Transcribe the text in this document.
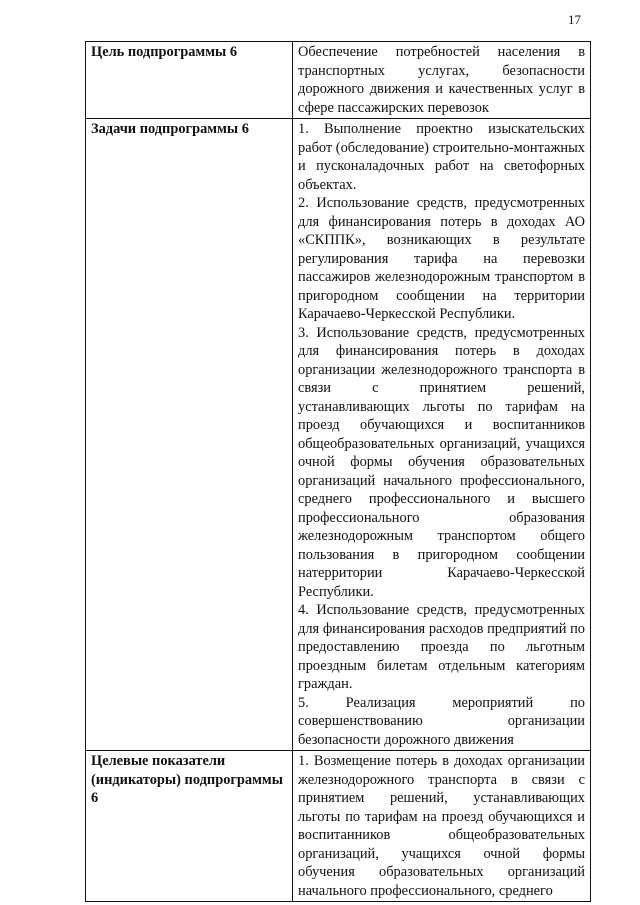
17
Цель подпрограммы 6	Обеспечение потребностей населения в транспортных услугах, безопасности дорожного движения и качественных услуг в сфере пассажирских перевозок

Задачи подпрограммы 6	1. Выполнение проектно изыскательских работ (обследование) строительно-монтажных и пусконаладочных работ на светофорных объектах.

2. Использование средств, предусмотренных для финансирования потерь в доходах АО «СКППК», возникающих в результате регулирования тарифа на перевозки пассажиров железнодорожным транспортом в пригородном сообщении на территории Карачаево-Черкесской Республики.

3. Использование средств, предусмотренных для финансирования потерь в доходах организации железнодорожного транспорта в связи с принятием решений, устанавливающих льготы по тарифам на проезд обучающихся и воспитанников общеобразовательных организаций, учащихся очной формы обучения образовательных организаций начального профессионального, среднего профессионального и высшего профессионального образования железнодорожным транспортом общего пользования в пригородном сообщении натерритории Карачаево-Черкесской Республики.

4. Использование средств, предусмотренных для финансирования расходов предприятий по предоставлению проезда по льготным проездным билетам отдельным категориям граждан.

5. Реализация мероприятий по совершенствованию организации безопасности дорожного движения

Целевые показатели (индикаторы) подпрограммы 6	1. Возмещение потерь в доходах организации железнодорожного транспорта в связи с принятием решений, устанавливающих льготы по тарифам на проезд обучающихся и воспитанников общеобразовательных организаций, учащихся очной формы обучения образовательных организаций начального профессионального, среднего
